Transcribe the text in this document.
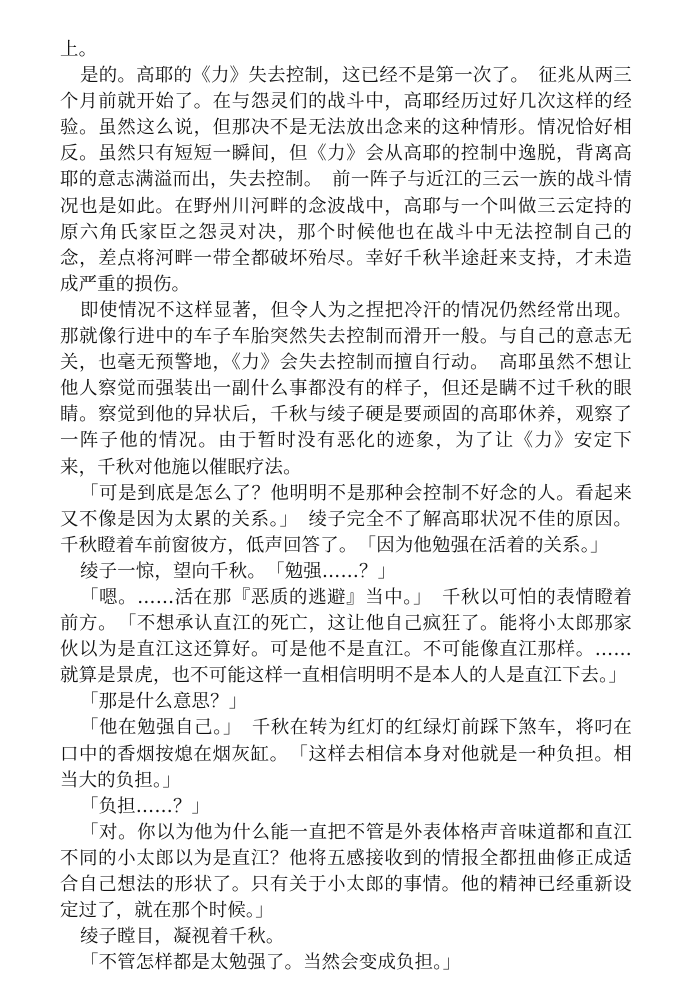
上。

是的。高耶的《力》失去控制，这已经不是第一次了。　征兆从两三个月前就开始了。在与怨灵们的战斗中，高耶经历过好几次这样的经验。虽然这么说，但那决不是无法放出念来的这种情形。情况恰好相反。虽然只有短短一瞬间，但《力》会从高耶的控制中逸脱，背离高耶的意志满溢而出，失去控制。　前一阵子与近江的三云一族的战斗情况也是如此。在野州川河畔的念波战中，高耶与一个叫做三云定持的原六角氏家臣之怨灵对决，那个时候他也在战斗中无法控制自己的念，差点将河畔一带全都破坏殆尽。幸好千秋半途赶来支持，才未造成严重的损伤。

即使情况不这样显著，但令人为之捏把冷汗的情况仍然经常出现。那就像行进中的车子车胎突然失去控制而滑开一般。与自己的意志无关，也毫无预警地，《力》会失去控制而擅自行动。　高耶虽然不想让他人察觉而强装出一副什么事都没有的样子，但还是瞒不过千秋的眼睛。察觉到他的异状后，千秋与绫子硬是要顽固的高耶休养，观察了一阵子他的情况。由于暂时没有恶化的迹象，为了让《力》安定下来，千秋对他施以催眠疗法。

「可是到底是怎么了？他明明不是那种会控制不好念的人。看起来又不像是因为太累的关系。」　绫子完全不了解高耶状况不佳的原因。千秋瞪着车前窗彼方，低声回答了。　「因为他勉强在活着的关系。」

绫子一惊，望向千秋。　「勉强……？」

「嗯。……活在那『恶质的逃避』当中。」　千秋以可怕的表情瞪着前方。　「不想承认直江的死亡，这让他自己疯狂了。能将小太郎那家伙以为是直江这还算好。可是他不是直江。不可能像直江那样。……就算是景虎，也不可能这样一直相信明明不是本人的人是直江下去。」

「那是什么意思？」

「他在勉强自己。」　千秋在转为红灯的红绿灯前踩下煞车，将叼在口中的香烟按熄在烟灰缸。　「这样去相信本身对他就是一种负担。相当大的负担。」

「负担……？」

「对。你以为他为什么能一直把不管是外表体格声音味道都和直江不同的小太郎以为是直江？他将五感接收到的情报全都扭曲修正成适合自己想法的形状了。只有关于小太郎的事情。他的精神已经重新设定过了，就在那个时候。」

绫子瞠目，凝视着千秋。

「不管怎样都是太勉强了。当然会变成负担。」
